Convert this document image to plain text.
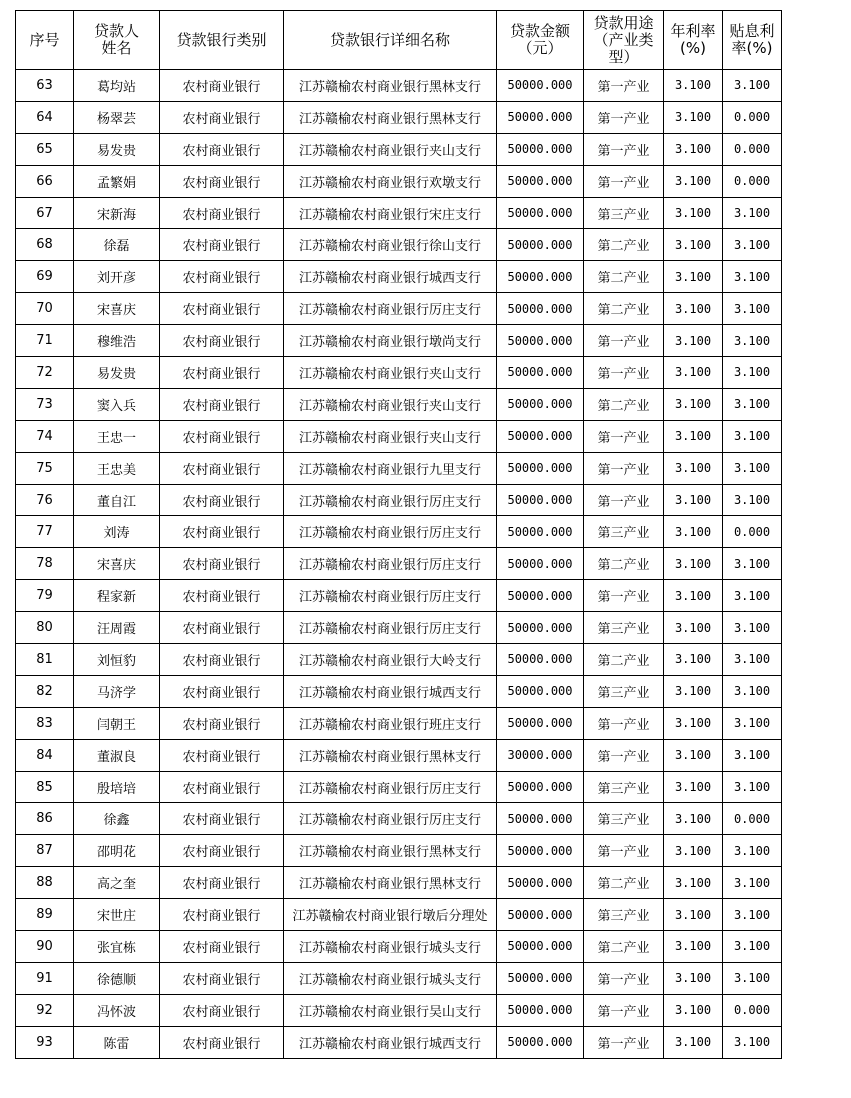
序号	贷款人姓名	贷款银行类别	贷款银行详细名称	贷款金额（元）	贷款用途（产业类型）	年利率(%)	贴息利率(%)
63	葛均站	农村商业银行	江苏赣榆农村商业银行黑林支行	50000.000	第一产业	3.100	3.100
64	杨翠芸	农村商业银行	江苏赣榆农村商业银行黑林支行	50000.000	第一产业	3.100	0.000
65	易发贵	农村商业银行	江苏赣榆农村商业银行夹山支行	50000.000	第一产业	3.100	0.000
66	孟繁娟	农村商业银行	江苏赣榆农村商业银行欢墩支行	50000.000	第一产业	3.100	0.000
67	宋新海	农村商业银行	江苏赣榆农村商业银行宋庄支行	50000.000	第三产业	3.100	3.100
68	徐磊	农村商业银行	江苏赣榆农村商业银行徐山支行	50000.000	第二产业	3.100	3.100
69	刘开彦	农村商业银行	江苏赣榆农村商业银行城西支行	50000.000	第二产业	3.100	3.100
70	宋喜庆	农村商业银行	江苏赣榆农村商业银行厉庄支行	50000.000	第二产业	3.100	3.100
71	穆维浩	农村商业银行	江苏赣榆农村商业银行墩尚支行	50000.000	第一产业	3.100	3.100
72	易发贵	农村商业银行	江苏赣榆农村商业银行夹山支行	50000.000	第一产业	3.100	3.100
73	窦入兵	农村商业银行	江苏赣榆农村商业银行夹山支行	50000.000	第二产业	3.100	3.100
74	王忠一	农村商业银行	江苏赣榆农村商业银行夹山支行	50000.000	第一产业	3.100	3.100
75	王忠美	农村商业银行	江苏赣榆农村商业银行九里支行	50000.000	第一产业	3.100	3.100
76	董自江	农村商业银行	江苏赣榆农村商业银行厉庄支行	50000.000	第一产业	3.100	3.100
77	刘涛	农村商业银行	江苏赣榆农村商业银行厉庄支行	50000.000	第三产业	3.100	0.000
78	宋喜庆	农村商业银行	江苏赣榆农村商业银行厉庄支行	50000.000	第二产业	3.100	3.100
79	程家新	农村商业银行	江苏赣榆农村商业银行厉庄支行	50000.000	第一产业	3.100	3.100
80	汪周霞	农村商业银行	江苏赣榆农村商业银行厉庄支行	50000.000	第三产业	3.100	3.100
81	刘恒豹	农村商业银行	江苏赣榆农村商业银行大岭支行	50000.000	第二产业	3.100	3.100
82	马济学	农村商业银行	江苏赣榆农村商业银行城西支行	50000.000	第三产业	3.100	3.100
83	闫朝王	农村商业银行	江苏赣榆农村商业银行班庄支行	50000.000	第一产业	3.100	3.100
84	董淑良	农村商业银行	江苏赣榆农村商业银行黑林支行	30000.000	第一产业	3.100	3.100
85	殷培培	农村商业银行	江苏赣榆农村商业银行厉庄支行	50000.000	第三产业	3.100	3.100
86	徐鑫	农村商业银行	江苏赣榆农村商业银行厉庄支行	50000.000	第三产业	3.100	0.000
87	邵明花	农村商业银行	江苏赣榆农村商业银行黑林支行	50000.000	第一产业	3.100	3.100
88	高之奎	农村商业银行	江苏赣榆农村商业银行黑林支行	50000.000	第二产业	3.100	3.100
89	宋世庄	农村商业银行	江苏赣榆农村商业银行墩后分理处	50000.000	第三产业	3.100	3.100
90	张宜栋	农村商业银行	江苏赣榆农村商业银行城头支行	50000.000	第二产业	3.100	3.100
91	徐德顺	农村商业银行	江苏赣榆农村商业银行城头支行	50000.000	第一产业	3.100	3.100
92	冯怀波	农村商业银行	江苏赣榆农村商业银行吴山支行	50000.000	第一产业	3.100	0.000
93	陈雷	农村商业银行	江苏赣榆农村商业银行城西支行	50000.000	第一产业	3.100	3.100
